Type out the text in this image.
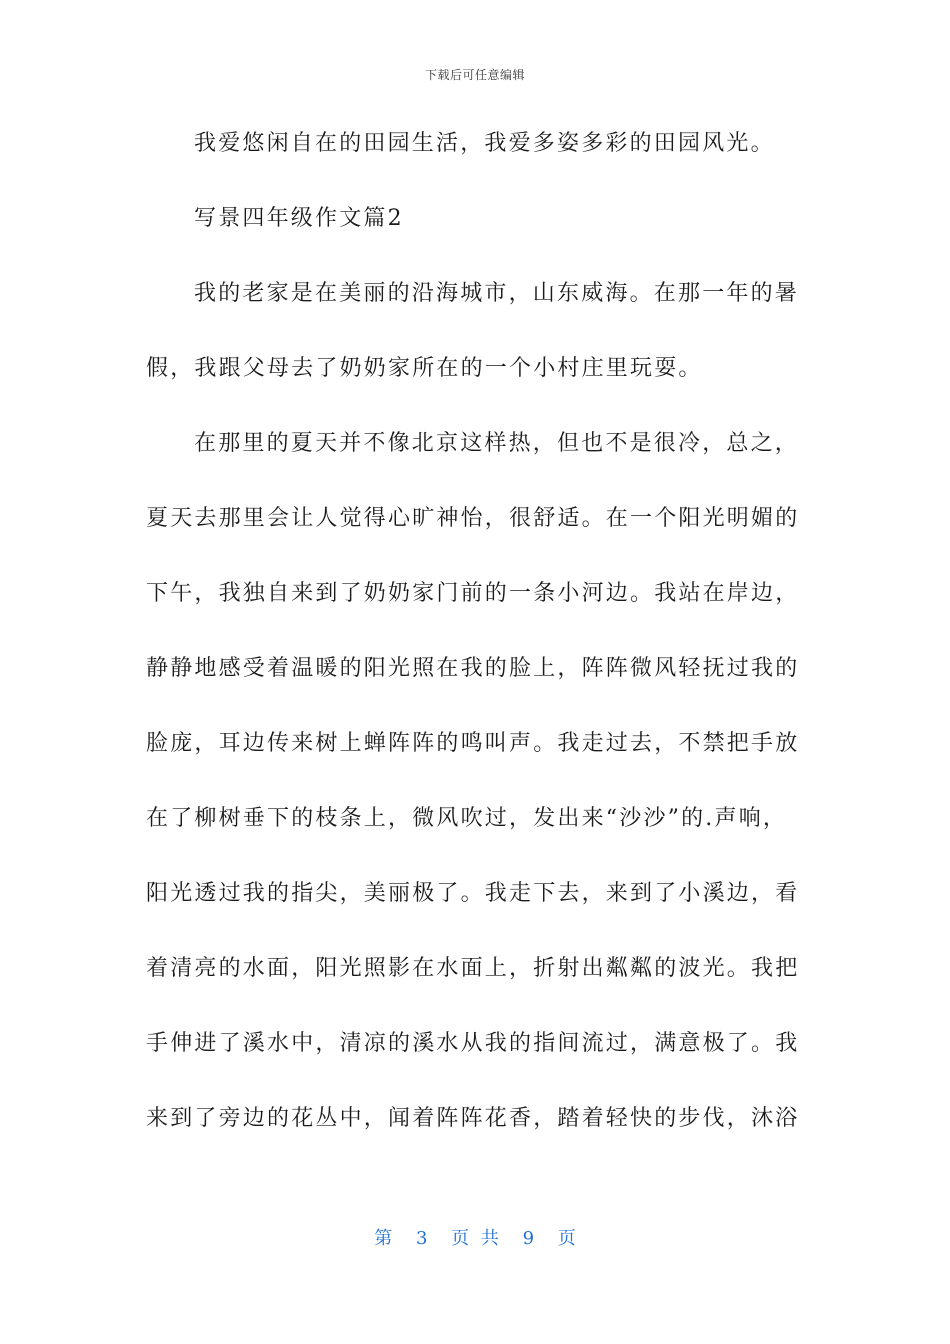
下载后可任意编辑
我爱悠闲自在的田园生活，我爱多姿多彩的田园风光。
写景四年级作文篇2
我的老家是在美丽的沿海城市，山东威海。在那一年的暑
假，我跟父母去了奶奶家所在的一个小村庄里玩耍。
在那里的夏天并不像北京这样热，但也不是很冷，总之，
夏天去那里会让人觉得心旷神怡，很舒适。在一个阳光明媚的
下午，我独自来到了奶奶家门前的一条小河边。我站在岸边，
静静地感受着温暖的阳光照在我的脸上，阵阵微风轻抚过我的
脸庞，耳边传来树上蝉阵阵的鸣叫声。我走过去，不禁把手放
在了柳树垂下的枝条上，微风吹过，发出来“沙沙”的.声响，
阳光透过我的指尖，美丽极了。我走下去，来到了小溪边，看
着清亮的水面，阳光照影在水面上，折射出粼粼的波光。我把
手伸进了溪水中，清凉的溪水从我的指间流过，满意极了。我
来到了旁边的花丛中，闻着阵阵花香，踏着轻快的步伐，沐浴
第 3 页 共 9 页
